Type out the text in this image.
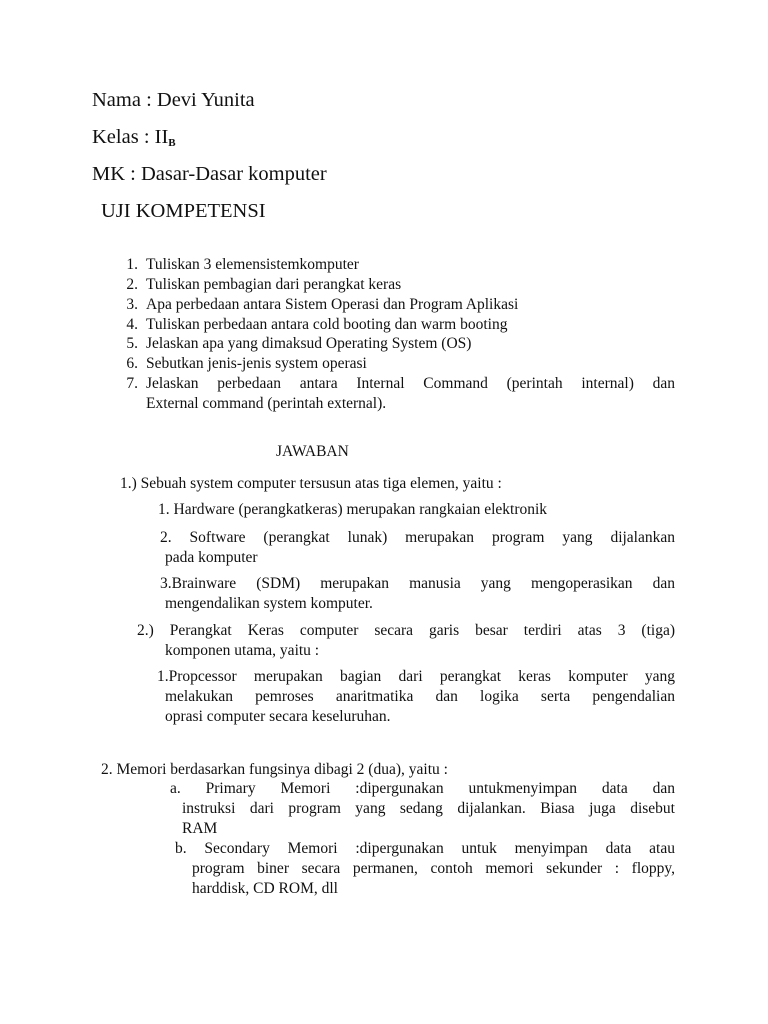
Nama : Devi Yunita
Kelas : $II_B$
MK : Dasar-Dasar komputer
UJI KOMPETENSI
1. Tuliskan 3 elemensistemkomputer
2. Tuliskan pembagian dari perangkat keras
3. Apa perbedaan antara Sistem Operasi dan Program Aplikasi
4. Tuliskan perbedaan antara cold booting dan warm booting
5. Jelaskan apa yang dimaksud Operating System (OS)
6. Sebutkan jenis-jenis system operasi
7. Jelaskan perbedaan antara Internal Command (perintah internal) dan
External command (perintah external).
JAWABAN
1.) Sebuah system computer tersusun atas tiga elemen, yaitu :
1. Hardware (perangkatkeras) merupakan rangkaian elektronik
2. Software (perangkat lunak) merupakan program yang dijalankan
pada komputer
3.Brainware (SDM) merupakan manusia yang mengoperasikan dan
mengendalikan system komputer.
2.) Perangkat Keras computer secara garis besar terdiri atas 3 (tiga)
komponen utama, yaitu :
1.Propcessor merupakan bagian dari perangkat keras komputer yang
melakukan pemroses anaritmatika dan logika serta pengendalian
oprasi computer secara keseluruhan.
2. Memori berdasarkan fungsinya dibagi 2 (dua), yaitu :
a. Primary Memori :dipergunakan untukmenyimpan data dan
instruksi dari program yang sedang dijalankan. Biasa juga disebut
RAM
b. Secondary Memori :dipergunakan untuk menyimpan data atau
program biner secara permanen, contoh memori sekunder : floppy,
harddisk, CD ROM, dll
